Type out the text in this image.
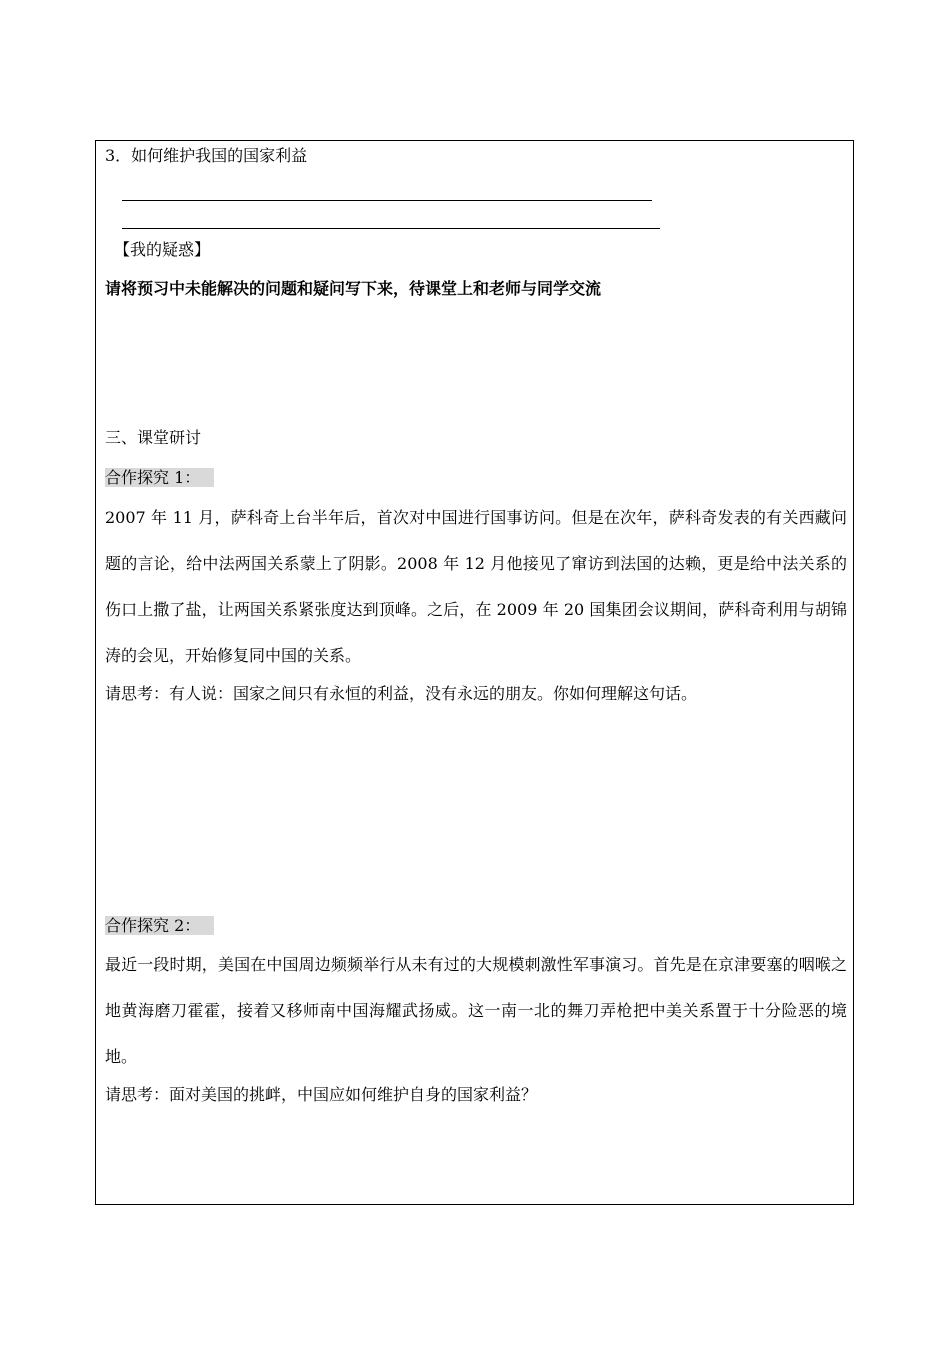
3．如何维护我国的国家利益
【我的疑惑】
请将预习中未能解决的问题和疑问写下来，待课堂上和老师与同学交流
三、课堂研讨
合作探究 1：
2007 年 11 月，萨科奇上台半年后，首次对中国进行国事访问。但是在次年，萨科奇发表的有关西藏问题的言论，给中法两国关系蒙上了阴影。2008 年 12 月他接见了窜访到法国的达赖，更是给中法关系的伤口上撒了盐，让两国关系紧张度达到顶峰。之后，在 2009 年 20 国集团会议期间，萨科奇利用与胡锦涛的会见，开始修复同中国的关系。
请思考：有人说：国家之间只有永恒的利益，没有永远的朋友。你如何理解这句话。
合作探究 2：
最近一段时期，美国在中国周边频频举行从未有过的大规模刺激性军事演习。首先是在京津要塞的咽喉之地黄海磨刀霍霍，接着又移师南中国海耀武扬威。这一南一北的舞刀弄枪把中美关系置于十分险恶的境地。
请思考：面对美国的挑衅，中国应如何维护自身的国家利益？
